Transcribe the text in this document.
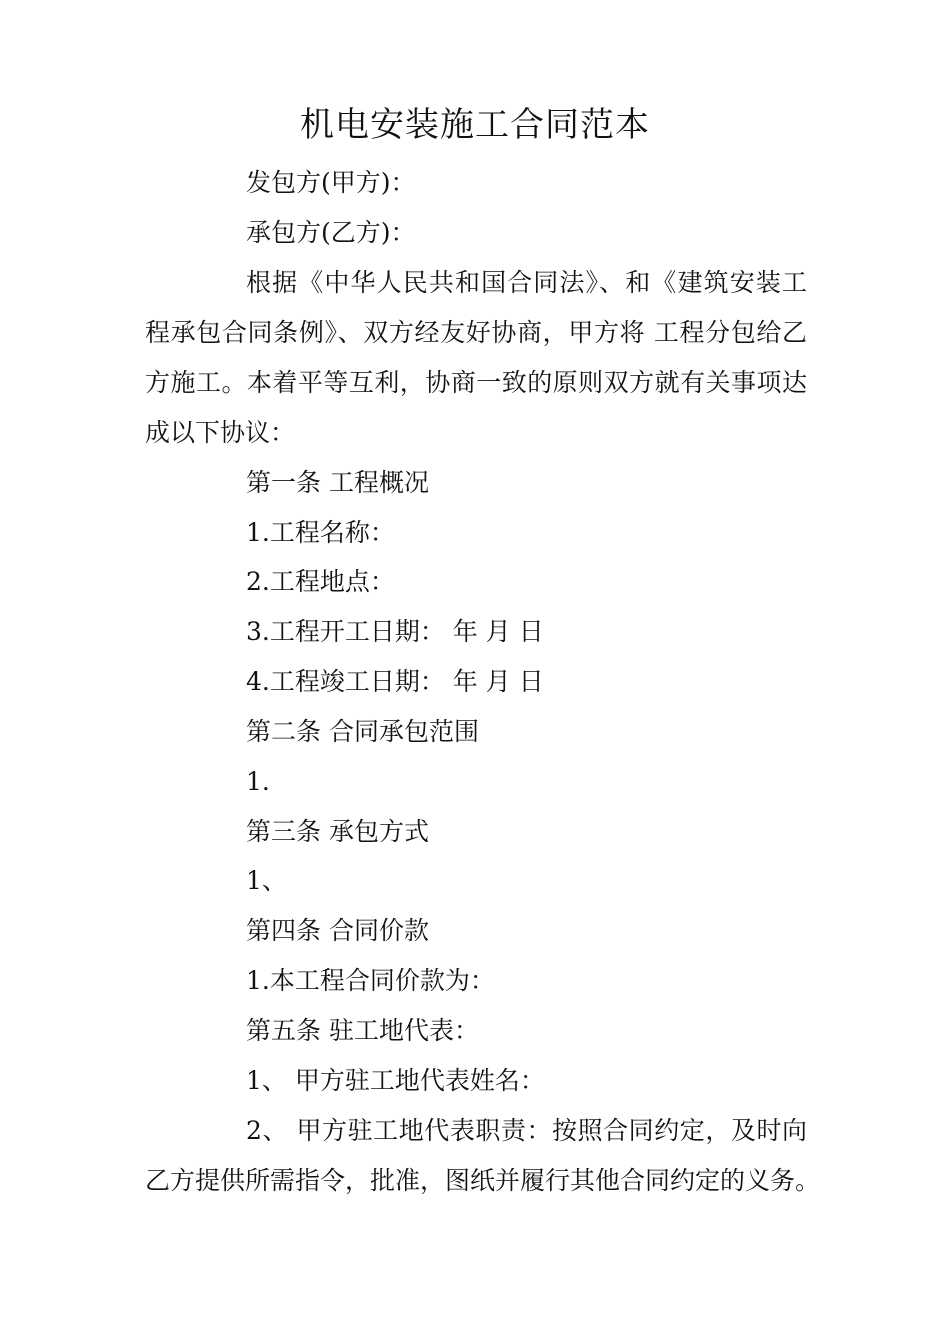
机电安装施工合同范本
发包方(甲方)：
承包方(乙方)：
根据《中华人民共和国合同法》、和《建筑安装工
程承包合同条例》、双方经友好协商，甲方将 工程分包给乙
方施工。本着平等互利，协商一致的原则双方就有关事项达
成以下协议：
第一条 工程概况
1.工程名称：
2.工程地点：
3.工程开工日期： 年 月 日
4.工程竣工日期： 年 月 日
第二条 合同承包范围
1.
第三条 承包方式
1、
第四条 合同价款
1.本工程合同价款为：
第五条 驻工地代表：
1、 甲方驻工地代表姓名：
2、 甲方驻工地代表职责：按照合同约定，及时向
乙方提供所需指令，批准，图纸并履行其他合同约定的义务。
